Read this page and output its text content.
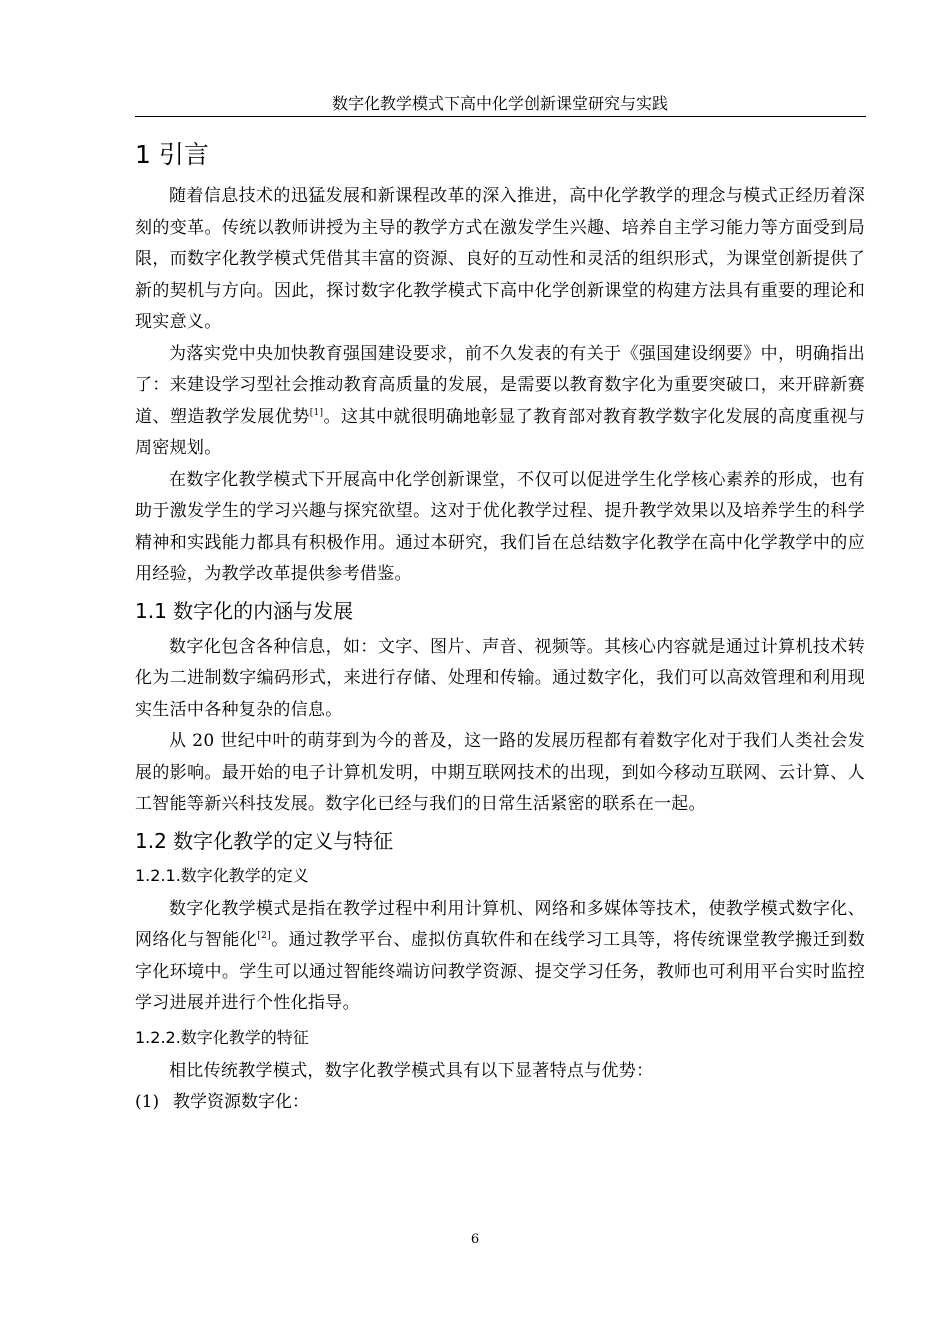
数字化教学模式下高中化学创新课堂研究与实践
1 引言

随着信息技术的迅猛发展和新课程改革的深入推进，高中化学教学的理念与模式正经历着深刻的变革。传统以教师讲授为主导的教学方式在激发学生兴趣、培养自主学习能力等方面受到局限，而数字化教学模式凭借其丰富的资源、良好的互动性和灵活的组织形式，为课堂创新提供了新的契机与方向。因此，探讨数字化教学模式下高中化学创新课堂的构建方法具有重要的理论和现实意义。

为落实党中央加快教育强国建设要求，前不久发表的有关于《强国建设纲要》中，明确指出了：来建设学习型社会推动教育高质量的发展，是需要以教育数字化为重要突破口，来开辟新赛道、塑造教学发展优势[1]。这其中就很明确地彰显了教育部对教育教学数字化发展的高度重视与周密规划。

在数字化教学模式下开展高中化学创新课堂，不仅可以促进学生化学核心素养的形成，也有助于激发学生的学习兴趣与探究欲望。这对于优化教学过程、提升教学效果以及培养学生的科学精神和实践能力都具有积极作用。通过本研究，我们旨在总结数字化教学在高中化学教学中的应用经验，为教学改革提供参考借鉴。

1.1 数字化的内涵与发展

数字化包含各种信息，如：文字、图片、声音、视频等。其核心内容就是通过计算机技术转化为二进制数字编码形式，来进行存储、处理和传输。通过数字化，我们可以高效管理和利用现实生活中各种复杂的信息。

从 20 世纪中叶的萌芽到为今的普及，这一路的发展历程都有着数字化对于我们人类社会发展的影响。最开始的电子计算机发明，中期互联网技术的出现，到如今移动互联网、云计算、人工智能等新兴科技发展。数字化已经与我们的日常生活紧密的联系在一起。

1.2 数字化教学的定义与特征
1.2.1.数字化教学的定义

数字化教学模式是指在教学过程中利用计算机、网络和多媒体等技术，使教学模式数字化、网络化与智能化[2]。通过教学平台、虚拟仿真软件和在线学习工具等，将传统课堂教学搬迁到数字化环境中。学生可以通过智能终端访问教学资源、提交学习任务，教师也可利用平台实时监控学习进展并进行个性化指导。

1.2.2.数字化教学的特征

相比传统教学模式，数字化教学模式具有以下显著特点与优势：

(1) 教学资源数字化：
6
